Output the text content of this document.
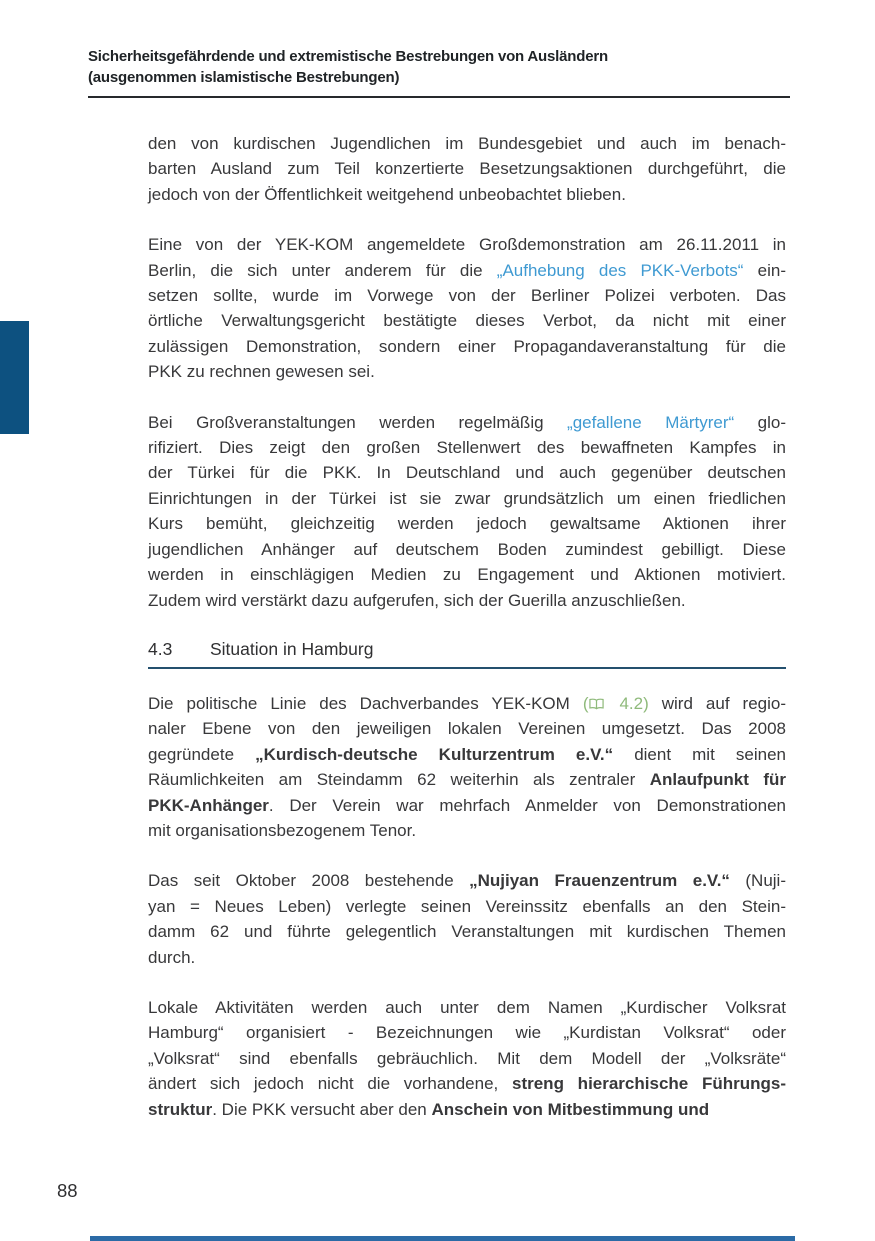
Sicherheitsgefährdende und extremistische Bestrebungen von Ausländern
(ausgenommen islamistische Bestrebungen)
den von kurdischen Jugendlichen im Bundesgebiet und auch im benach-
barten Ausland zum Teil konzertierte Besetzungsaktionen durchgeführt, die
jedoch von der Öffentlichkeit weitgehend unbeobachtet blieben.
Eine von der YEK-KOM angemeldete Großdemonstration am 26.11.2011 in
Berlin, die sich unter anderem für die „Aufhebung des PKK-Verbots“ ein-
setzen sollte, wurde im Vorwege von der Berliner Polizei verboten. Das
örtliche Verwaltungsgericht bestätigte dieses Verbot, da nicht mit einer
zulässigen Demonstration, sondern einer Propagandaveranstaltung für die
PKK zu rechnen gewesen sei.
Bei Großveranstaltungen werden regelmäßig „gefallene Märtyrer“ glo-
rifiziert. Dies zeigt den großen Stellenwert des bewaffneten Kampfes in
der Türkei für die PKK. In Deutschland und auch gegenüber deutschen
Einrichtungen in der Türkei ist sie zwar grundsätzlich um einen friedlichen
Kurs bemüht, gleichzeitig werden jedoch gewaltsame Aktionen ihrer
jugendlichen Anhänger auf deutschem Boden zumindest gebilligt. Diese
werden in einschlägigen Medien zu Engagement und Aktionen motiviert.
Zudem wird verstärkt dazu aufgerufen, sich der Guerilla anzuschließen.
4.3 Situation in Hamburg
Die politische Linie des Dachverbandes YEK-KOM ( 4.2) wird auf regio-
naler Ebene von den jeweiligen lokalen Vereinen umgesetzt. Das 2008
gegründete „Kurdisch-deutsche Kulturzentrum e.V.“ dient mit seinen
Räumlichkeiten am Steindamm 62 weiterhin als zentraler Anlaufpunkt für
PKK-Anhänger. Der Verein war mehrfach Anmelder von Demonstrationen
mit organisationsbezogenem Tenor.
Das seit Oktober 2008 bestehende „Nujiyan Frauenzentrum e.V.“ (Nuji-
yan = Neues Leben) verlegte seinen Vereinssitz ebenfalls an den Stein-
damm 62 und führte gelegentlich Veranstaltungen mit kurdischen Themen
durch.
Lokale Aktivitäten werden auch unter dem Namen „Kurdischer Volksrat
Hamburg“ organisiert - Bezeichnungen wie „Kurdistan Volksrat“ oder
„Volksrat“ sind ebenfalls gebräuchlich. Mit dem Modell der „Volksräte“
ändert sich jedoch nicht die vorhandene, streng hierarchische Führungs-
struktur. Die PKK versucht aber den Anschein von Mitbestimmung und
88
